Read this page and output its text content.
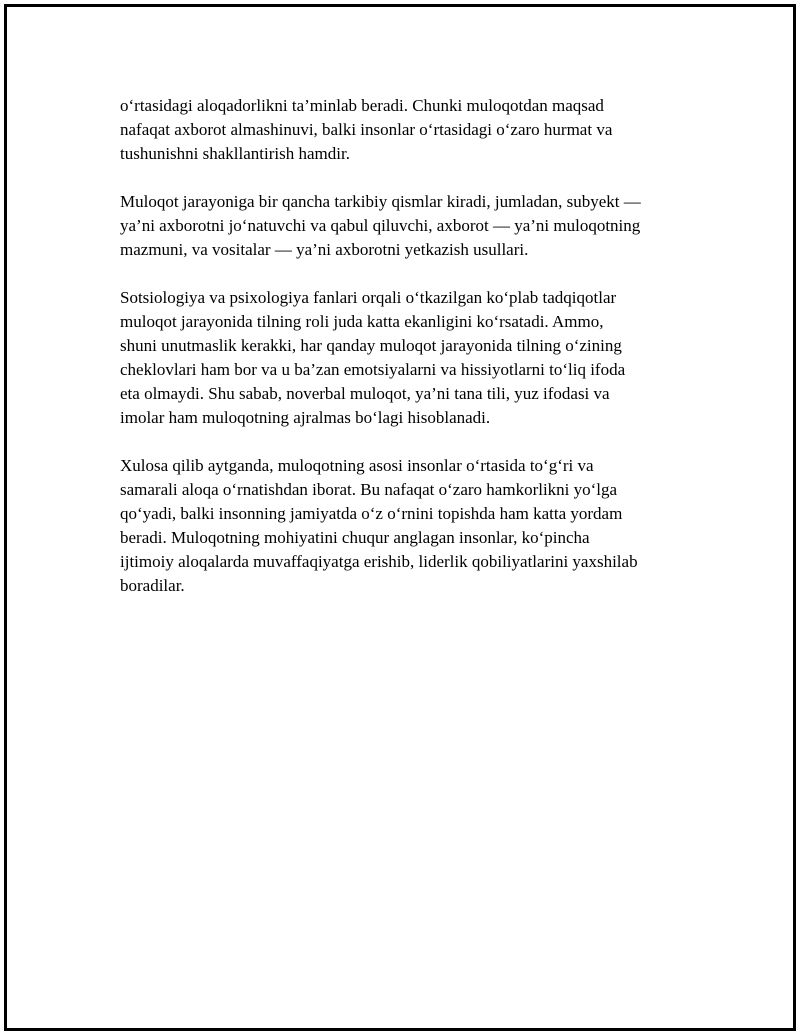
o‘rtasidagi aloqadorlikni ta’minlab beradi. Chunki muloqotdan maqsad
nafaqat axborot almashinuvi, balki insonlar o‘rtasidagi o‘zaro hurmat va
tushunishni shakllantirish hamdir.

Muloqot jarayoniga bir qancha tarkibiy qismlar kiradi, jumladan, subyekt —
ya’ni axborotni jo‘natuvchi va qabul qiluvchi, axborot — ya’ni muloqotning
mazmuni, va vositalar — ya’ni axborotni yetkazish usullari.

Sotsiologiya va psixologiya fanlari orqali o‘tkazilgan ko‘plab tadqiqotlar
muloqot jarayonida tilning roli juda katta ekanligini ko‘rsatadi. Ammo,
shuni unutmaslik kerakki, har qanday muloqot jarayonida tilning o‘zining
cheklovlari ham bor va u ba’zan emotsiyalarni va hissiyotlarni to‘liq ifoda
eta olmaydi. Shu sabab, noverbal muloqot, ya’ni tana tili, yuz ifodasi va
imolar ham muloqotning ajralmas bo‘lagi hisoblanadi.

Xulosa qilib aytganda, muloqotning asosi insonlar o‘rtasida to‘g‘ri va
samarali aloqa o‘rnatishdan iborat. Bu nafaqat o‘zaro hamkorlikni yo‘lga
qo‘yadi, balki insonning jamiyatda o‘z o‘rnini topishda ham katta yordam
beradi. Muloqotning mohiyatini chuqur anglagan insonlar, ko‘pincha
ijtimoiy aloqalarda muvaffaqiyatga erishib, liderlik qobiliyatlarini yaxshilab
boradilar.
